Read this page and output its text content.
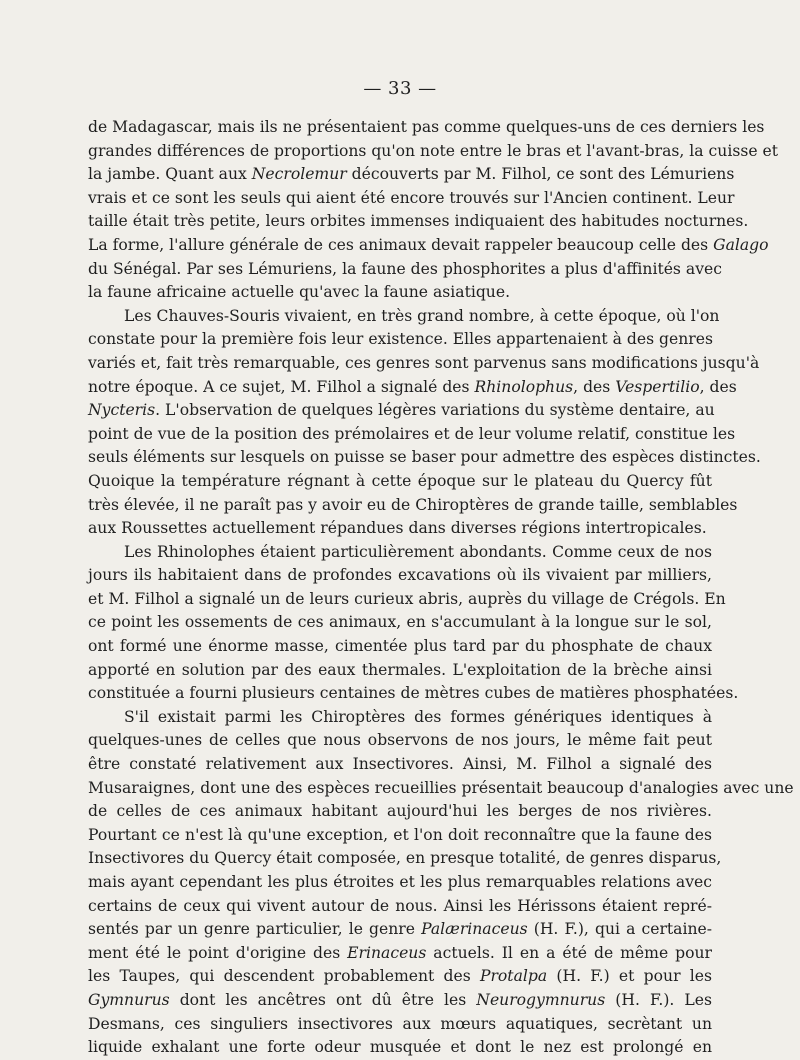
— 33 —
de Madagascar, mais ils ne présentaient pas comme quelques-uns de ces derniers les
grandes différences de proportions qu'on note entre le bras et l'avant-bras, la cuisse et
la jambe. Quant aux Necrolemur découverts par M. Filhol, ce sont des Lémuriens
vrais et ce sont les seuls qui aient été encore trouvés sur l'Ancien continent. Leur
taille était très petite, leurs orbites immenses indiquaient des habitudes nocturnes.
La forme, l'allure générale de ces animaux devait rappeler beaucoup celle des Galago
du Sénégal. Par ses Lémuriens, la faune des phosphorites a plus d'affinités avec
la faune africaine actuelle qu'avec la faune asiatique.
Les Chauves-Souris vivaient, en très grand nombre, à cette époque, où l'on
constate pour la première fois leur existence. Elles appartenaient à des genres
variés et, fait très remarquable, ces genres sont parvenus sans modifications jusqu'à
notre époque. A ce sujet, M. Filhol a signalé des Rhinolophus, des Vespertilio, des
Nycteris. L'observation de quelques légères variations du système dentaire, au
point de vue de la position des prémolaires et de leur volume relatif, constitue les
seuls éléments sur lesquels on puisse se baser pour admettre des espèces distinctes.
Quoique la température régnant à cette époque sur le plateau du Quercy fût
très élevée, il ne paraît pas y avoir eu de Chiroptères de grande taille, semblables
aux Roussettes actuellement répandues dans diverses régions intertropicales.
Les Rhinolophes étaient particulièrement abondants. Comme ceux de nos
jours ils habitaient dans de profondes excavations où ils vivaient par milliers,
et M. Filhol a signalé un de leurs curieux abris, auprès du village de Crégols. En
ce point les ossements de ces animaux, en s'accumulant à la longue sur le sol,
ont formé une énorme masse, cimentée plus tard par du phosphate de chaux
apporté en solution par des eaux thermales. L'exploitation de la brèche ainsi
constituée a fourni plusieurs centaines de mètres cubes de matières phosphatées.
S'il existait parmi les Chiroptères des formes génériques identiques à
quelques-unes de celles que nous observons de nos jours, le même fait peut
être constaté relativement aux Insectivores. Ainsi, M. Filhol a signalé des
Musaraignes, dont une des espèces recueillies présentait beaucoup d'analogies avec une
de celles de ces animaux habitant aujourd'hui les berges de nos rivières.
Pourtant ce n'est là qu'une exception, et l'on doit reconnaître que la faune des
Insectivores du Quercy était composée, en presque totalité, de genres disparus,
mais ayant cependant les plus étroites et les plus remarquables relations avec
certains de ceux qui vivent autour de nous. Ainsi les Hérissons étaient repré-
sentés par un genre particulier, le genre Palærinaceus (H. F.), qui a certaine-
ment été le point d'origine des Erinaceus actuels. Il en a été de même pour
les Taupes, qui descendent probablement des Protalpa (H. F.) et pour les
Gymnurus dont les ancêtres ont dû être les Neurogymnurus (H. F.). Les
Desmans, ces singuliers insectivores aux mœurs aquatiques, secrètant un
liquide exhalant une forte odeur musquée et dont le nez est prolongé en
